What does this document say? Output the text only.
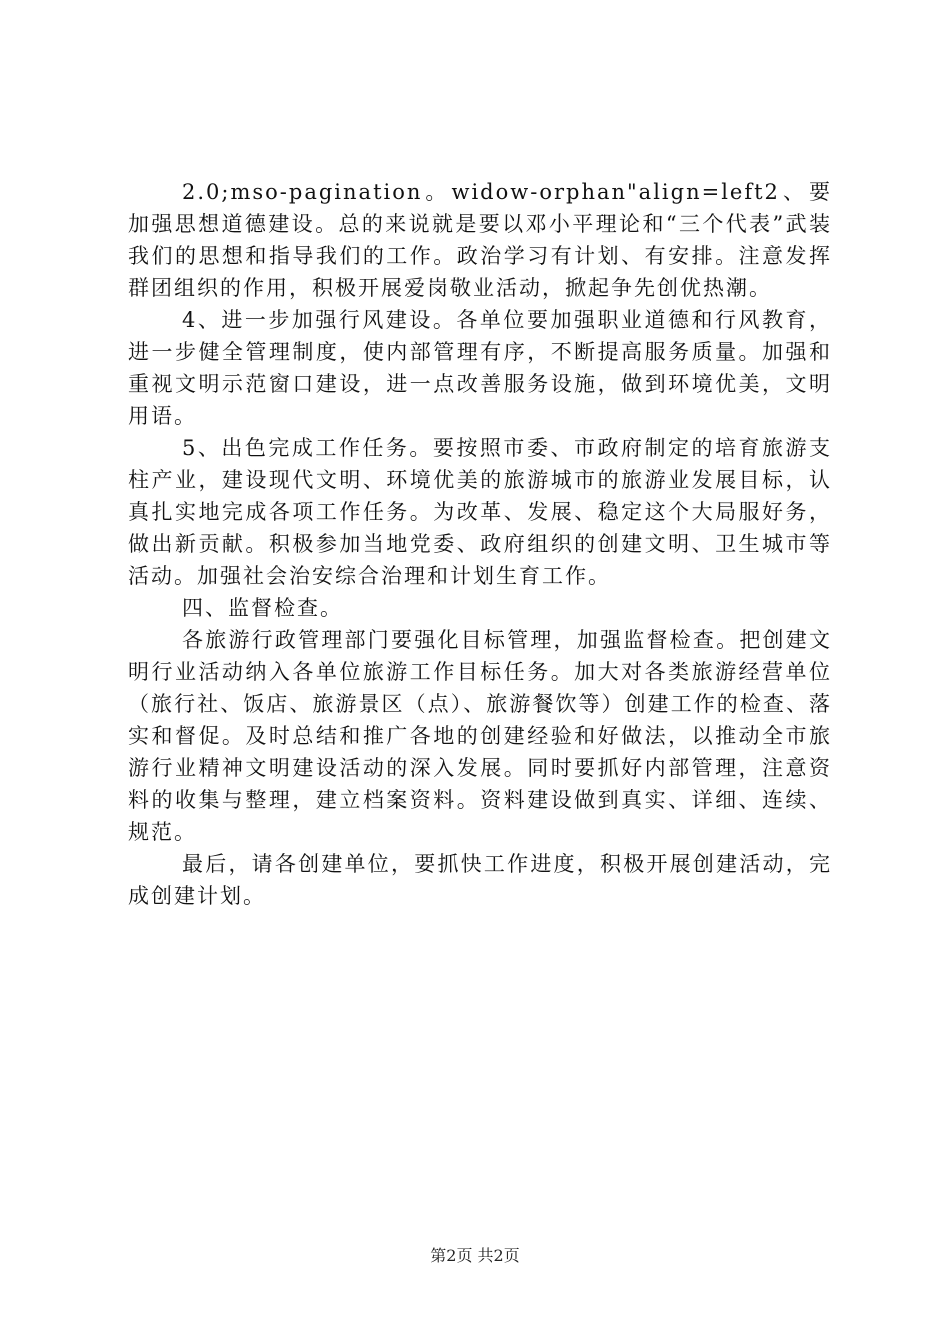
2.0;mso-pagination。widow-orphan"align=left2、要加强思想道德建设。总的来说就是要以邓小平理论和“三个代表”武装我们的思想和指导我们的工作。政治学习有计划、有安排。注意发挥群团组织的作用，积极开展爱岗敬业活动，掀起争先创优热潮。

4、进一步加强行风建设。各单位要加强职业道德和行风教育，进一步健全管理制度，使内部管理有序，不断提高服务质量。加强和重视文明示范窗口建设，进一点改善服务设施，做到环境优美，文明用语。

5、出色完成工作任务。要按照市委、市政府制定的培育旅游支柱产业，建设现代文明、环境优美的旅游城市的旅游业发展目标，认真扎实地完成各项工作任务。为改革、发展、稳定这个大局服好务，做出新贡献。积极参加当地党委、政府组织的创建文明、卫生城市等活动。加强社会治安综合治理和计划生育工作。

四、监督检查。

各旅游行政管理部门要强化目标管理，加强监督检查。把创建文明行业活动纳入各单位旅游工作目标任务。加大对各类旅游经营单位（旅行社、饭店、旅游景区（点）、旅游餐饮等）创建工作的检查、落实和督促。及时总结和推广各地的创建经验和好做法，以推动全市旅游行业精神文明建设活动的深入发展。同时要抓好内部管理，注意资料的收集与整理，建立档案资料。资料建设做到真实、详细、连续、规范。

最后，请各创建单位，要抓快工作进度，积极开展创建活动，完成创建计划。

第2页 共2页
